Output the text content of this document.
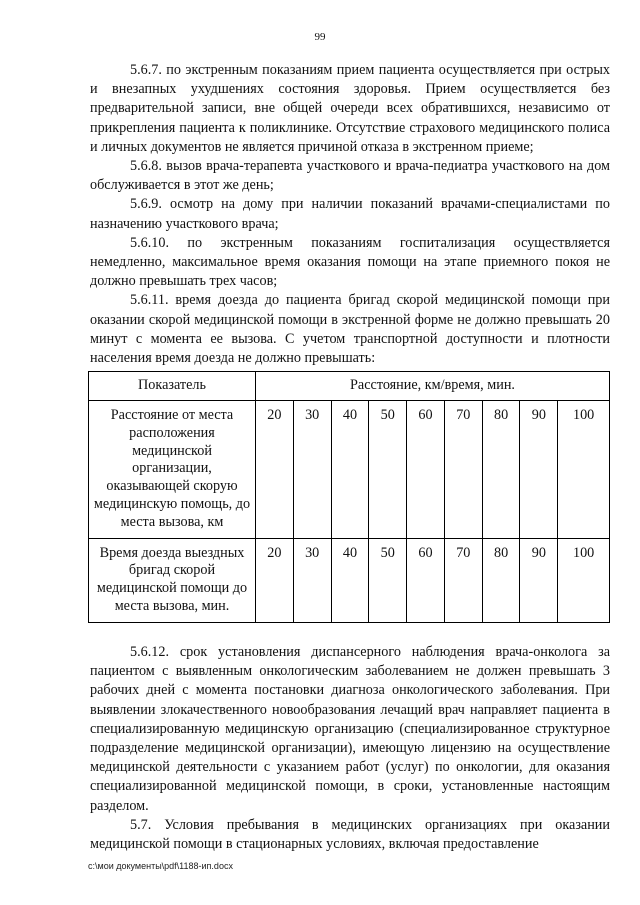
99

5.6.7. по экстренным показаниям прием пациента осуществляется при острых и внезапных ухудшениях состояния здоровья. Прием осуществляется без предварительной записи, вне общей очереди всех обратившихся, независимо от прикрепления пациента к поликлинике. Отсутствие страхового медицинского полиса и личных документов не является причиной отказа в экстренном приеме;

5.6.8. вызов врача-терапевта участкового и врача-педиатра участкового на дом обслуживается в этот же день;

5.6.9. осмотр на дому при наличии показаний врачами-специалистами по назначению участкового врача;

5.6.10. по экстренным показаниям госпитализация осуществляется немедленно, максимальное время оказания помощи на этапе приемного покоя не должно превышать трех часов;

5.6.11. время доезда до пациента бригад скорой медицинской помощи при оказании скорой медицинской помощи в экстренной форме не должно превышать 20 минут с момента ее вызова. С учетом транспортной доступности и плотности населения время доезда не должно превышать:

Показатель	Расстояние, км/время, мин.								
Расстояние от места расположения медицинской организации, оказывающей скорую медицинскую помощь, до места вызова, км	20	30	40	50	60	70	80	90	100
Время доезда выездных бригад скорой медицинской помощи до места вызова, мин.	20	30	40	50	60	70	80	90	100

5.6.12. срок установления диспансерного наблюдения врача-онколога за пациентом с выявленным онкологическим заболеванием не должен превышать 3 рабочих дней с момента постановки диагноза онкологического заболевания. При выявлении злокачественного новообразования лечащий врач направляет пациента в специализированную медицинскую организацию (специализированное структурное подразделение медицинской организации), имеющую лицензию на осуществление медицинской деятельности с указанием работ (услуг) по онкологии, для оказания специализированной медицинской помощи, в сроки, установленные настоящим разделом.

5.7. Условия пребывания в медицинских организациях при оказании медицинской помощи в стационарных условиях, включая предоставление

c:\мои документы\pdf\1188-ип.docx
